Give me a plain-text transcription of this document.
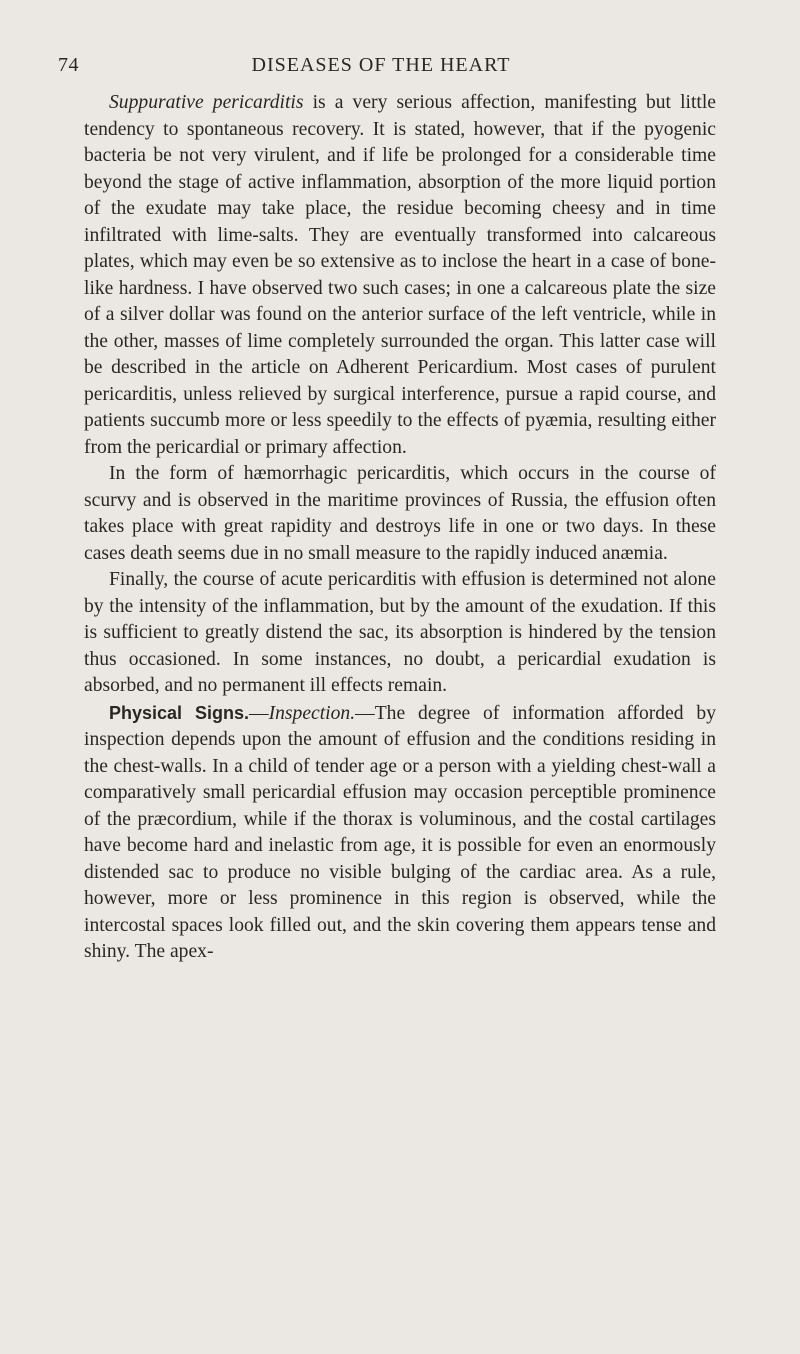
74	DISEASES OF THE HEART

Suppurative pericarditis is a very serious affection, manifesting but little tendency to spontaneous recovery. It is stated, however, that if the pyogenic bacteria be not very virulent, and if life be prolonged for a considerable time beyond the stage of active inflammation, absorption of the more liquid portion of the exudate may take place, the residue becoming cheesy and in time infiltrated with lime-salts. They are eventually transformed into calcareous plates, which may even be so extensive as to inclose the heart in a case of bone-like hardness. I have observed two such cases; in one a calcareous plate the size of a silver dollar was found on the anterior surface of the left ventricle, while in the other, masses of lime completely surrounded the organ. This latter case will be described in the article on Adherent Pericardium. Most cases of purulent pericarditis, unless relieved by surgical interference, pursue a rapid course, and patients succumb more or less speedily to the effects of pyæmia, resulting either from the pericardial or primary affection.

In the form of hæmorrhagic pericarditis, which occurs in the course of scurvy and is observed in the maritime provinces of Russia, the effusion often takes place with great rapidity and destroys life in one or two days. In these cases death seems due in no small measure to the rapidly induced anæmia.

Finally, the course of acute pericarditis with effusion is determined not alone by the intensity of the inflammation, but by the amount of the exudation. If this is sufficient to greatly distend the sac, its absorption is hindered by the tension thus occasioned. In some instances, no doubt, a pericardial exudation is absorbed, and no permanent ill effects remain.

Physical Signs.—Inspection.—The degree of information afforded by inspection depends upon the amount of effusion and the conditions residing in the chest-walls. In a child of tender age or a person with a yielding chest-wall a comparatively small pericardial effusion may occasion perceptible prominence of the præcordium, while if the thorax is voluminous, and the costal cartilages have become hard and inelastic from age, it is possible for even an enormously distended sac to produce no visible bulging of the cardiac area. As a rule, however, more or less prominence in this region is observed, while the intercostal spaces look filled out, and the skin covering them appears tense and shiny. The apex-
